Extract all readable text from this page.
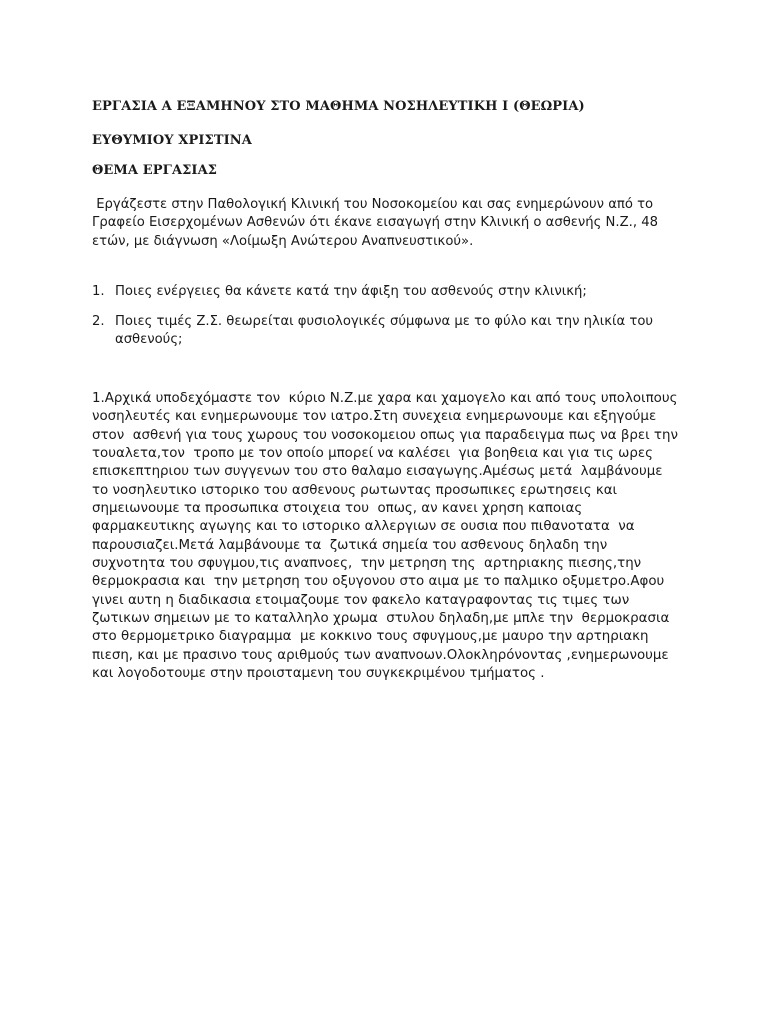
ΕΡΓΑΣΙΑ Α ΕΞΑΜΗΝΟΥ ΣΤΟ ΜΑΘΗΜΑ ΝΟΣΗΛΕΥΤΙΚΗ Ι (ΘΕΩΡΙΑ)
ΕΥΘΥΜΙΟΥ ΧΡΙΣΤΙΝΑ
ΘΕΜΑ ΕΡΓΑΣΙΑΣ
Εργάζεστε στην Παθολογική Κλινική του Νοσοκομείου και σας ενημερώνουν από το Γραφείο Εισερχομένων Ασθενών ότι έκανε εισαγωγή στην Κλινική ο ασθενής Ν.Ζ., 48 ετών, με διάγνωση «Λοίμωξη Ανώτερου Αναπνευστικού».
1. Ποιες ενέργειες θα κάνετε κατά την άφιξη του ασθενούς στην κλινική;
2. Ποιες τιμές Ζ.Σ. θεωρείται φυσιολογικές σύμφωνα με το φύλο και την ηλικία του ασθενούς;
1.Αρχικά υποδεχόμαστε τον  κύριο Ν.Ζ.με χαρα και χαμογελο και από τους υπολοιπους  νοσηλευτές και ενημερωνουμε τον ιατρο.Στη συνεχεια ενημερωνουμε και εξηγούμε στον  ασθενή για τους χωρους του νοσοκομειου οπως για παραδειγμα πως να βρει την τουαλετα,τον  τροπο με τον οποίο μπορεί να καλέσει  για βοηθεια και για τις ωρες επισκεπτηριου των συγγενων του στο θαλαμο εισαγωγης.Αμέσως μετά  λαμβάνουμε το νοσηλευτικο ιστορικο του ασθενους ρωτωντας προσωπικες ερωτησεις και σημειωνουμε τα προσωπικα στοιχεια του  οπως, αν κανει χρηση καποιας φαρμακευτικης αγωγης και το ιστορικο αλλεργιων σε ουσια που πιθανοτατα  να  παρουσιαζει.Μετά λαμβάνουμε τα  ζωτικά σημεία του ασθενους δηλαδη την συχνοτητα του σφυγμου,τις αναπνοες,  την μετρηση της  αρτηριακης πιεσης,την θερμοκρασια και  την μετρηση του οξυγονου στο αιμα με το παλμικο οξυμετρο.Αφου γινει αυτη η διαδικασια ετοιμαζουμε τον φακελο καταγραφοντας τις τιμες των ζωτικων σημειων με το καταλληλο χρωμα  στυλου δηλαδη,με μπλε την  θερμοκρασια στο θερμομετρικο διαγραμμα  με κοκκινο τους σφυγμους,με μαυρο την αρτηριακη πιεση, και με πρασινο τους αριθμούς των αναπνοων.Ολοκληρόνοντας ,ενημερωνουμε και λογοδοτουμε στην προισταμενη του συγκεκριμένου τμήματος .
